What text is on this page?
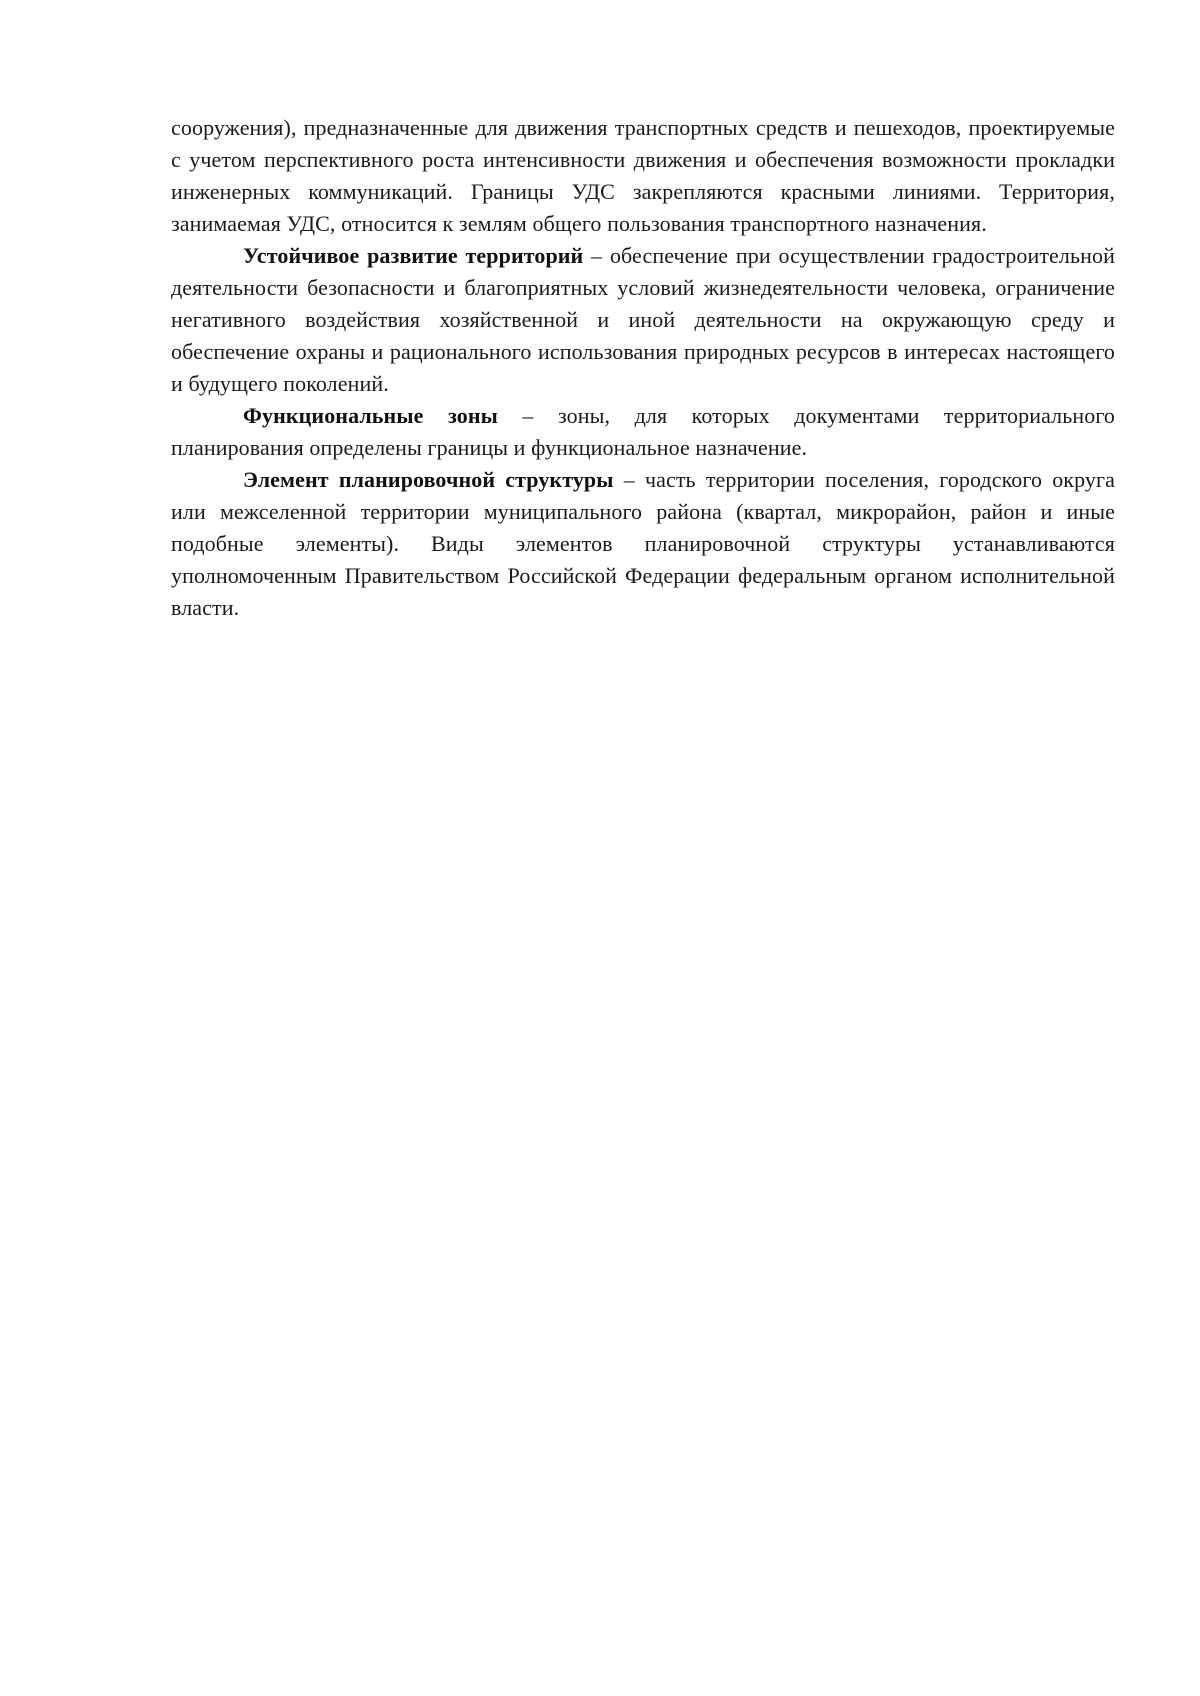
сооружения), предназначенные для движения транспортных средств и пешеходов, проектируемые с учетом перспективного роста интенсивности движения и обеспечения возможности прокладки инженерных коммуникаций. Границы УДС закрепляются красными линиями. Территория, занимаемая УДС, относится к землям общего пользования транспортного назначения.

Устойчивое развитие территорий – обеспечение при осуществлении градостроительной деятельности безопасности и благоприятных условий жизнедеятельности человека, ограничение негативного воздействия хозяйственной и иной деятельности на окружающую среду и обеспечение охраны и рационального использования природных ресурсов в интересах настоящего и будущего поколений.

Функциональные зоны – зоны, для которых документами территориального планирования определены границы и функциональное назначение.

Элемент планировочной структуры – часть территории поселения, городского округа или межселенной территории муниципального района (квартал, микрорайон, район и иные подобные элементы). Виды элементов планировочной структуры устанавливаются уполномоченным Правительством Российской Федерации федеральным органом исполнительной власти.
